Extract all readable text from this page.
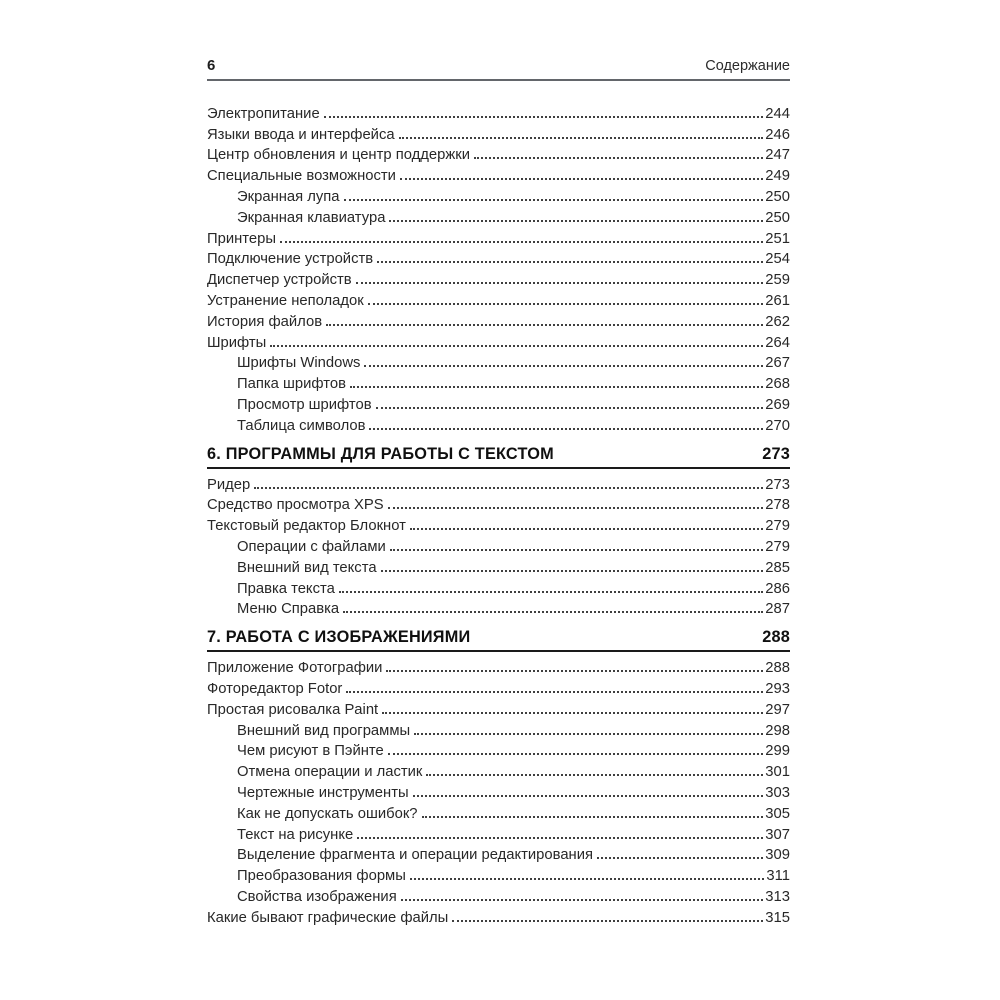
6	Содержание
Электропитание	244
Языки ввода и интерфейса	246
Центр обновления и центр поддержки	247
Специальные возможности	249
Экранная лупа	250
Экранная клавиатура	250
Принтеры	251
Подключение устройств	254
Диспетчер устройств	259
Устранение неполадок	261
История файлов	262
Шрифты	264
Шрифты Windows	267
Папка шрифтов	268
Просмотр шрифтов	269
Таблица символов	270
6. ПРОГРАММЫ ДЛЯ РАБОТЫ С ТЕКСТОМ	273
Ридер	273
Средство просмотра XPS	278
Текстовый редактор Блокнот	279
Операции с файлами	279
Внешний вид текста	285
Правка текста	286
Меню Справка	287
7. РАБОТА С ИЗОБРАЖЕНИЯМИ	288
Приложение Фотографии	288
Фоторедактор Fotor	293
Простая рисовалка Paint	297
Внешний вид программы	298
Чем рисуют в Пэйнте	299
Отмена операции и ластик	301
Чертежные инструменты	303
Как не допускать ошибок?	305
Текст на рисунке	307
Выделение фрагмента и операции редактирования	309
Преобразования формы	311
Свойства изображения	313
Какие бывают графические файлы	315
